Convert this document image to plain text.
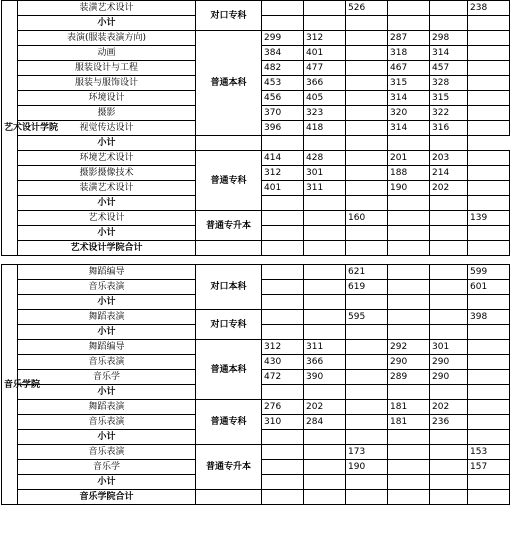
艺术设计学院	装潢艺术设计	对口专科			526			238
	小计							
	表演(服装表演方向)	普通本科	299	312		287	298	
	动画		384	401		318	314	
	服装设计与工程		482	477		467	457	
	服装与服饰设计		453	366		315	328	
	环境设计		456	405		314	315	
	摄影		370	323		320	322	
	视觉传达设计		396	418		314	316	
	小计							
	环境艺术设计	普通专科	414	428		201	203	
	摄影摄像技术		312	301		188	214	
	装潢艺术设计		401	311		190	202	
	小计							
	艺术设计	普通专升本			160			139
	小计							
	艺术设计学院合计							

音乐学院	舞蹈编导	对口本科			621			599
	音乐表演				619			601
	小计							
	舞蹈表演	对口专科			595			398
	小计							
	舞蹈编导	普通本科	312	311		292	301	
	音乐表演		430	366		290	290	
	音乐学		472	390		289	290	
	小计							
	舞蹈表演	普通专科	276	202		181	202	
	音乐表演		310	284		181	236	
	小计							
	音乐表演	普通专升本			173			153
	音乐学				190			157
	小计							
	音乐学院合计							
